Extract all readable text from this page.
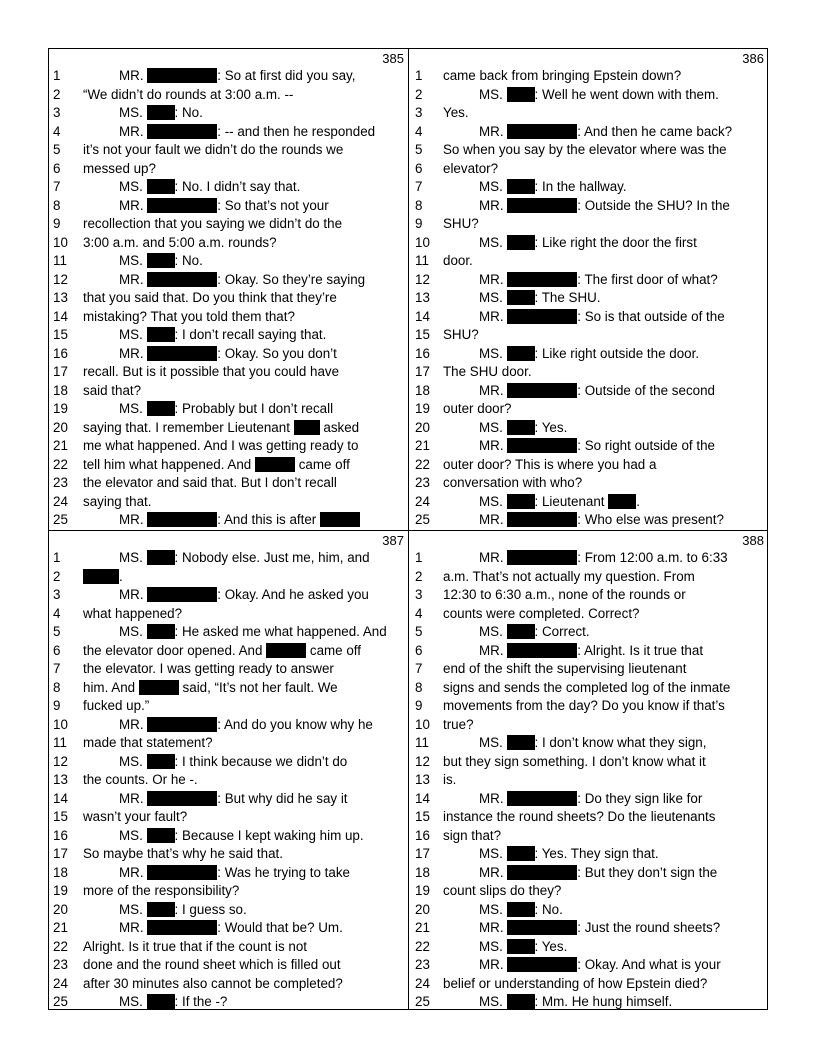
385
1	MR.	: So at first did you say,
2	“We didn’t do rounds at 3:00 a.m. --
3	MS. : No.
4	MR.	: -- and then he responded
5	it’s not your fault we didn’t do the rounds we
6	messed up?
7	MS. : No. I didn’t say that.
8	MR.	: So that’s not your
9	recollection that you saying we didn’t do the
10	3:00 a.m. and 5:00 a.m. rounds?
11	MS. : No.
12	MR.	: Okay. So they’re saying
13	that you said that. Do you think that they’re
14	mistaking? That you told them that?
15	MS. : I don’t recall saying that.
16	MR.	: Okay. So you don’t
17	recall. But is it possible that you could have
18	said that?
19	MS. : Probably but I don’t recall
20	saying that. I remember Lieutenant  asked
21	me what happened. And I was getting ready to
22	tell him what happened. And	came off
23	the elevator and said that. But I don’t recall
24	saying that.
25	MR.	: And this is after
386
1	came back from bringing Epstein down?
2	MS. : Well he went down with them.
3	Yes.
4	MR.	: And then he came back?
5	So when you say by the elevator where was the
6	elevator?
7	MS. : In the hallway.
8	MR.	: Outside the SHU? In the
9	SHU?
10	MS. : Like right the door the first
11	door.
12	MR.	: The first door of what?
13	MS. : The SHU.
14	MR.	: So is that outside of the
15 SHU?
16	MS. : Like right outside the door.
17 The SHU door.
18	MR.	: Outside of the second
19 outer door?
20	MS. : Yes.
21	MR.	: So right outside of the
22 outer door? This is where you had a
23 conversation with who?
24	MS. : Lieutenant .
25	MR.	: Who else was present?
387
1	MS. : Nobody else. Just me, him, and
2	.
3	MR.	: Okay. And he asked you
4	what happened?
5	MS. : He asked me what happened. And
6	the elevator door opened. And	came off
7	the elevator. I was getting ready to answer
8	him. And	said, “It’s not her fault. We
9	fucked up.”
10	MR.	: And do you know why he
11	made that statement?
12	MS. : I think because we didn’t do
13	the counts. Or he -.
14	MR.	: But why did he say it
15	wasn’t your fault?
16	MS. : Because I kept waking him up.
17	So maybe that’s why he said that.
18	MR.	: Was he trying to take
19	more of the responsibility?
20	MS. : I guess so.
21	MR.	: Would that be? Um.
22	Alright. Is it true that if the count is not
23	done and the round sheet which is filled out
24	after 30 minutes also cannot be completed?
25	MS. : If the -?
388
1	MR.	: From 12:00 a.m. to 6:33
2	a.m. That’s not actually my question. From
3	12:30 to 6:30 a.m., none of the rounds or
4	counts were completed. Correct?
5	MS. : Correct.
6	MR.	: Alright. Is it true that
7	end of the shift the supervising lieutenant
8	signs and sends the completed log of the inmate
9	movements from the day? Do you know if that’s
10 true?
11	MS. : I don’t know what they sign,
12 but they sign something. I don’t know what it
13 is.
14	MR.	: Do they sign like for
15 instance the round sheets? Do the lieutenants
16 sign that?
17	MS. : Yes. They sign that.
18	MR.	: But they don’t sign the
19 count slips do they?
20	MS. : No.
21	MR.	: Just the round sheets?
22	MS. : Yes.
23	MR.	: Okay. And what is your
24 belief or understanding of how Epstein died?
25	MS. : Mm. He hung himself.
